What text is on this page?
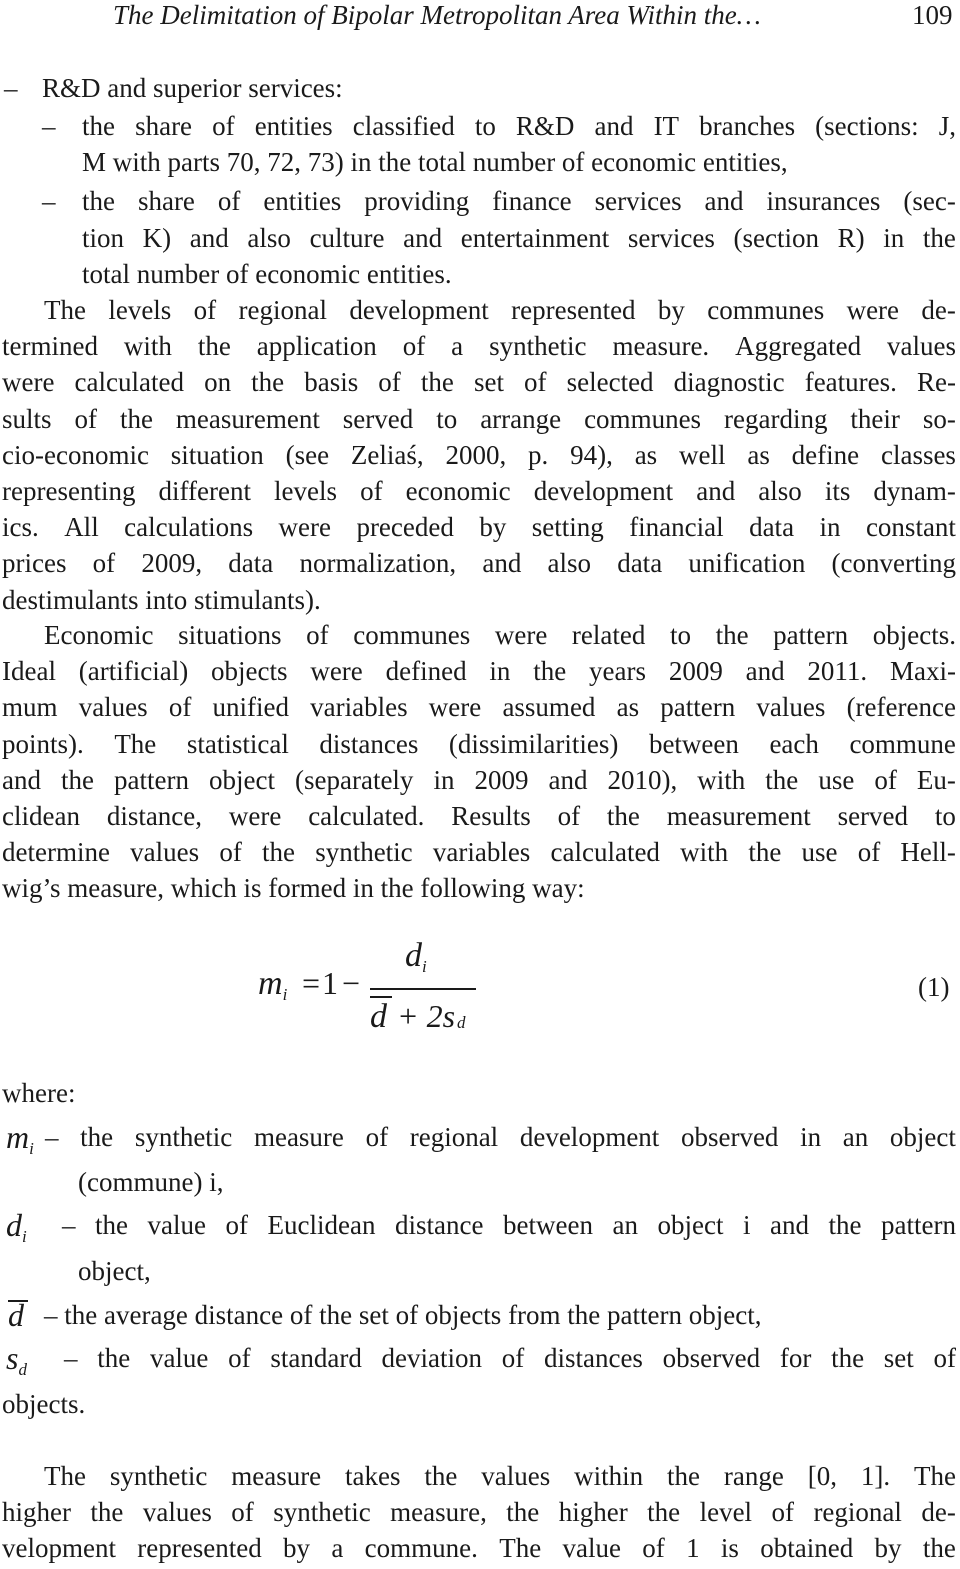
The Delimitation of Bipolar Metropolitan Area Within the…	109
– R&D and superior services:
– the share of entities classified to R&D and IT branches (sections: J,
M with parts 70, 72, 73) in the total number of economic entities,
– the share of entities providing finance services and insurances (sec-
tion K) and also culture and entertainment services (section R) in the
total number of economic entities.
The levels of regional development represented by communes were de-
termined with the application of a synthetic measure. Aggregated values
were calculated on the basis of the set of selected diagnostic features. Re-
sults of the measurement served to arrange communes regarding their so-
cio-economic situation (see Zeliaś, 2000, p. 94), as well as define classes
representing different levels of economic development and also its dynam-
ics. All calculations were preceded by setting financial data in constant
prices of 2009, data normalization, and also data unification (converting
destimulants into stimulants).
Economic situations of communes were related to the pattern objects.
Ideal (artificial) objects were defined in the years 2009 and 2011. Maxi-
mum values of unified variables were assumed as pattern values (reference
points). The statistical distances (dissimilarities) between each commune
and the pattern object (separately in 2009 and 2010), with the use of Eu-
clidean distance, were calculated. Results of the measurement served to
determine values of the synthetic variables calculated with the use of Hell-
wig’s measure, which is formed in the following way:
$m_i = 1$ −
$d_i$
d + 2s d
(1)
where:
$m_i$ – the synthetic measure of regional development observed in an object
(commune) i,
$d_i$ – the value of Euclidean distance between an object i and the pattern
object,
d – the average distance of the set of objects from the pattern object,
$s_d$ – the value of standard deviation of distances observed for the set of
objects.
The synthetic measure takes the values within the range [0, 1]. The
higher the values of synthetic measure, the higher the level of regional de-
velopment represented by a commune. The value of 1 is obtained by the
